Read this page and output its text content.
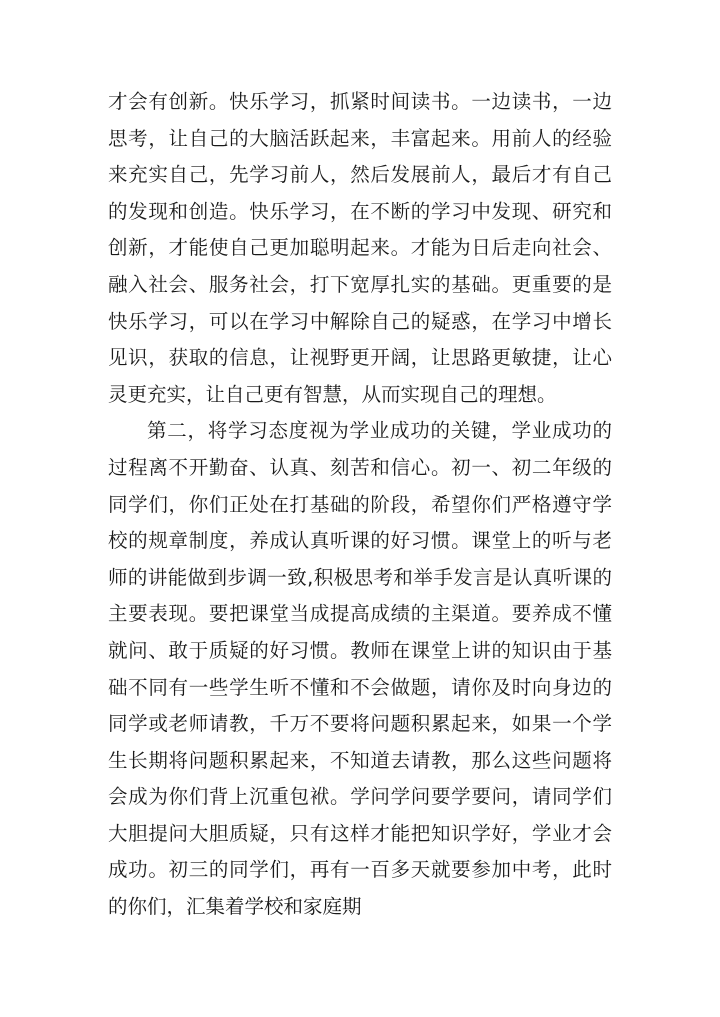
才会有创新。快乐学习，抓紧时间读书。一边读书，一边思考，让自己的大脑活跃起来，丰富起来。用前人的经验来充实自己，先学习前人，然后发展前人，最后才有自己的发现和创造。快乐学习，在不断的学习中发现、研究和创新，才能使自己更加聪明起来。才能为日后走向社会、融入社会、服务社会，打下宽厚扎实的基础。更重要的是快乐学习，可以在学习中解除自己的疑惑，在学习中增长见识，获取的信息，让视野更开阔，让思路更敏捷，让心灵更充实，让自己更有智慧，从而实现自己的理想。

第二，将学习态度视为学业成功的关键，学业成功的过程离不开勤奋、认真、刻苦和信心。初一、初二年级的同学们，你们正处在打基础的阶段，希望你们严格遵守学校的规章制度，养成认真听课的好习惯。课堂上的听与老师的讲能做到步调一致,积极思考和举手发言是认真听课的主要表现。要把课堂当成提高成绩的主渠道。要养成不懂就问、敢于质疑的好习惯。教师在课堂上讲的知识由于基础不同有一些学生听不懂和不会做题，请你及时向身边的同学或老师请教，千万不要将问题积累起来，如果一个学生长期将问题积累起来，不知道去请教，那么这些问题将会成为你们背上沉重包袱。学问学问要学要问，请同学们大胆提问大胆质疑，只有这样才能把知识学好，学业才会成功。初三的同学们，再有一百多天就要参加中考，此时的你们，汇集着学校和家庭期
